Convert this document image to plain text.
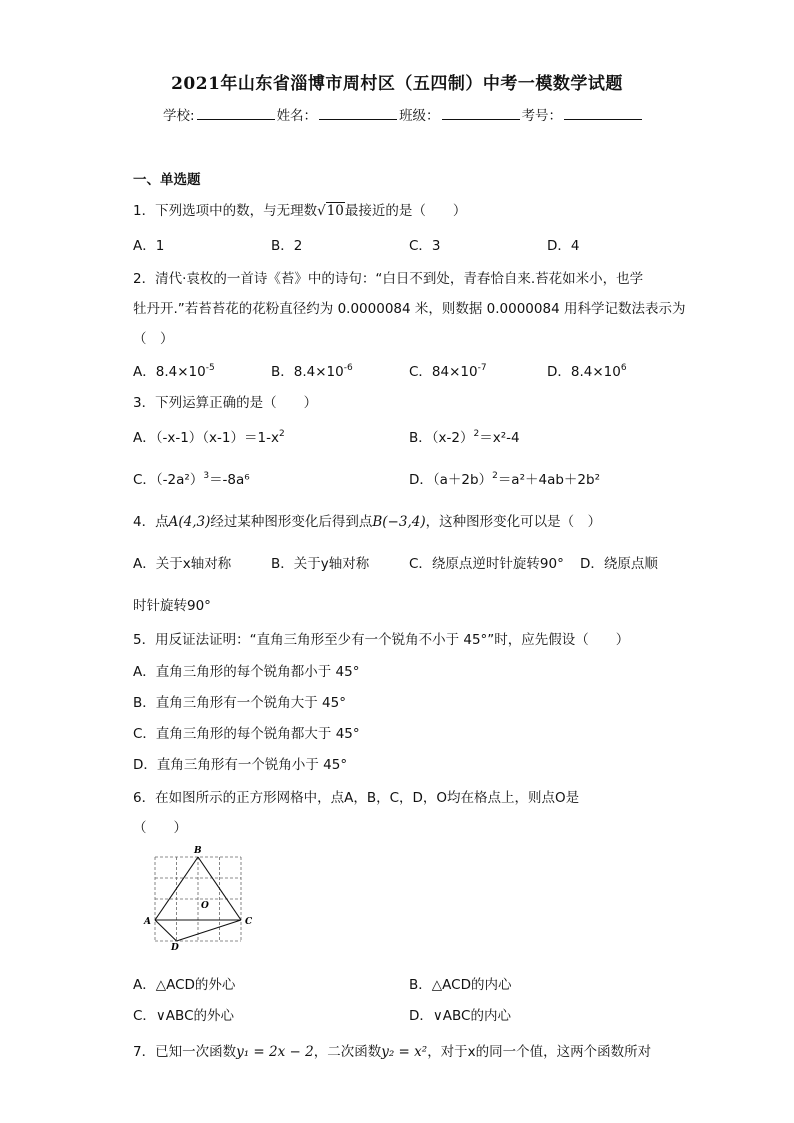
2021年山东省淄博市周村区（五四制）中考一模数学试题
学校:	姓名：	班级：	考号：
一、单选题
1．下列选项中的数，与无理数√10最接近的是（　　）
A．1	B．2	C．3	D．4
2．清代·袁枚的一首诗《苔》中的诗句：“白日不到处，青春恰自来.苔花如米小，也学
牡丹开.”若苔苔花的花粉直径约为 0.0000084 米，则数据 0.0000084 用科学记数法表示为
（　）
A．$8.4\times 10^{-5}$	B．$8.4\times 10^{-6}$	C．$84\times 10^{-7}$	D．$8.4\times 10^6$
3．下列运算正确的是（　　）
A．$(-x-1)(x-1)=1-x^2$	B．$(x-2)^2=x^2-4$
C．$(-2a^2)^3=-8a^6$	D．$(a+2b)^2=a^2+4ab+2b^2$
4．点A(4,3)经过某种图形变化后得到点B(−3,4)，这种图形变化可以是（　）
A．关于x轴对称	B．关于y轴对称	C．绕原点逆时针旋转90° D．绕原点顺
时针旋转90°
5．用反证法证明：“直角三角形至少有一个锐角不小于 45°”时，应先假设（　　）
A．直角三角形的每个锐角都小于 45°
B．直角三角形有一个锐角大于 45°
C．直角三角形的每个锐角都大于 45°
D．直角三角形有一个锐角小于 45°
6．在如图所示的正方形网格中，点A，B，C，D，O均在格点上，则点O是
（　　）
B
A	C
D
O
A．△ACD的外心	B．△ACD的内心
C．∨ABC的外心	D．∨ABC的内心
7．已知一次函数y₁ = 2x − 2，二次函数y₂ = x²，对于x的同一个值，这两个函数所对
